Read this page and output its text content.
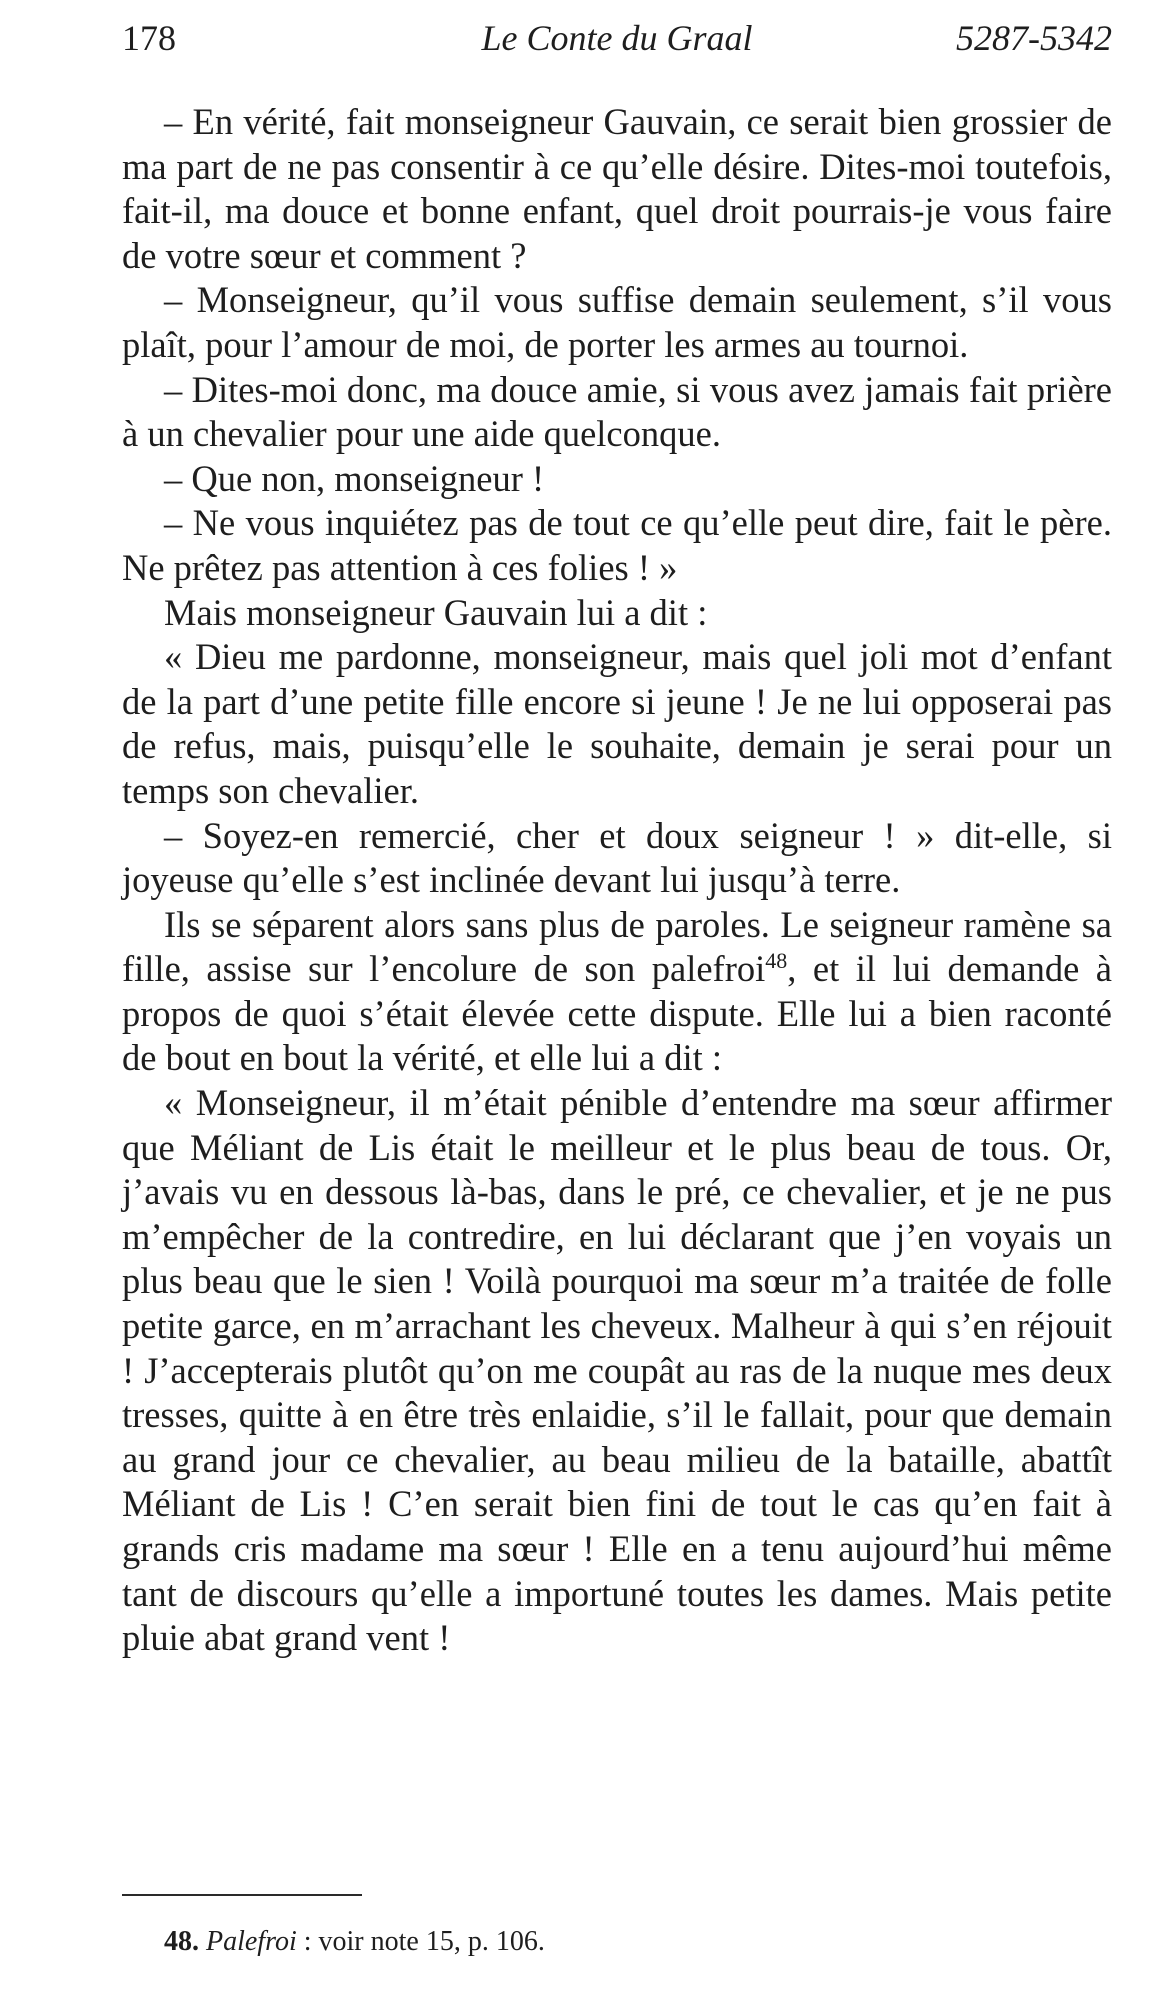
178	Le Conte du Graal	5287-5342

– En vérité, fait monseigneur Gauvain, ce serait bien grossier de ma part de ne pas consentir à ce qu’elle désire. Dites-moi toutefois, fait-il, ma douce et bonne enfant, quel droit pourrais-je vous faire de votre sœur et comment ?

– Monseigneur, qu’il vous suffise demain seulement, s’il vous plaît, pour l’amour de moi, de porter les armes au tournoi.

– Dites-moi donc, ma douce amie, si vous avez jamais fait prière à un chevalier pour une aide quelconque.

– Que non, monseigneur !

– Ne vous inquiétez pas de tout ce qu’elle peut dire, fait le père. Ne prêtez pas attention à ces folies ! »

Mais monseigneur Gauvain lui a dit :

« Dieu me pardonne, monseigneur, mais quel joli mot d’enfant de la part d’une petite fille encore si jeune ! Je ne lui opposerai pas de refus, mais, puisqu’elle le souhaite, demain je serai pour un temps son chevalier.

– Soyez-en remercié, cher et doux seigneur ! » dit-elle, si joyeuse qu’elle s’est inclinée devant lui jusqu’à terre.

Ils se séparent alors sans plus de paroles. Le seigneur ramène sa fille, assise sur l’encolure de son palefroi$^{48}$, et il lui demande à propos de quoi s’était élevée cette dispute. Elle lui a bien raconté de bout en bout la vérité, et elle lui a dit :

« Monseigneur, il m’était pénible d’entendre ma sœur affirmer que Méliant de Lis était le meilleur et le plus beau de tous. Or, j’avais vu en dessous là-bas, dans le pré, ce chevalier, et je ne pus m’empêcher de la contredire, en lui déclarant que j’en voyais un plus beau que le sien ! Voilà pourquoi ma sœur m’a traitée de folle petite garce, en m’arrachant les cheveux. Malheur à qui s’en réjouit ! J’accepterais plutôt qu’on me coupât au ras de la nuque mes deux tresses, quitte à en être très enlaidie, s’il le fallait, pour que demain au grand jour ce chevalier, au beau milieu de la bataille, abattît Méliant de Lis ! C’en serait bien fini de tout le cas qu’en fait à grands cris madame ma sœur ! Elle en a tenu aujourd’hui même tant de discours qu’elle a importuné toutes les dames. Mais petite pluie abat grand vent !

48. Palefroi : voir note 15, p. 106.
